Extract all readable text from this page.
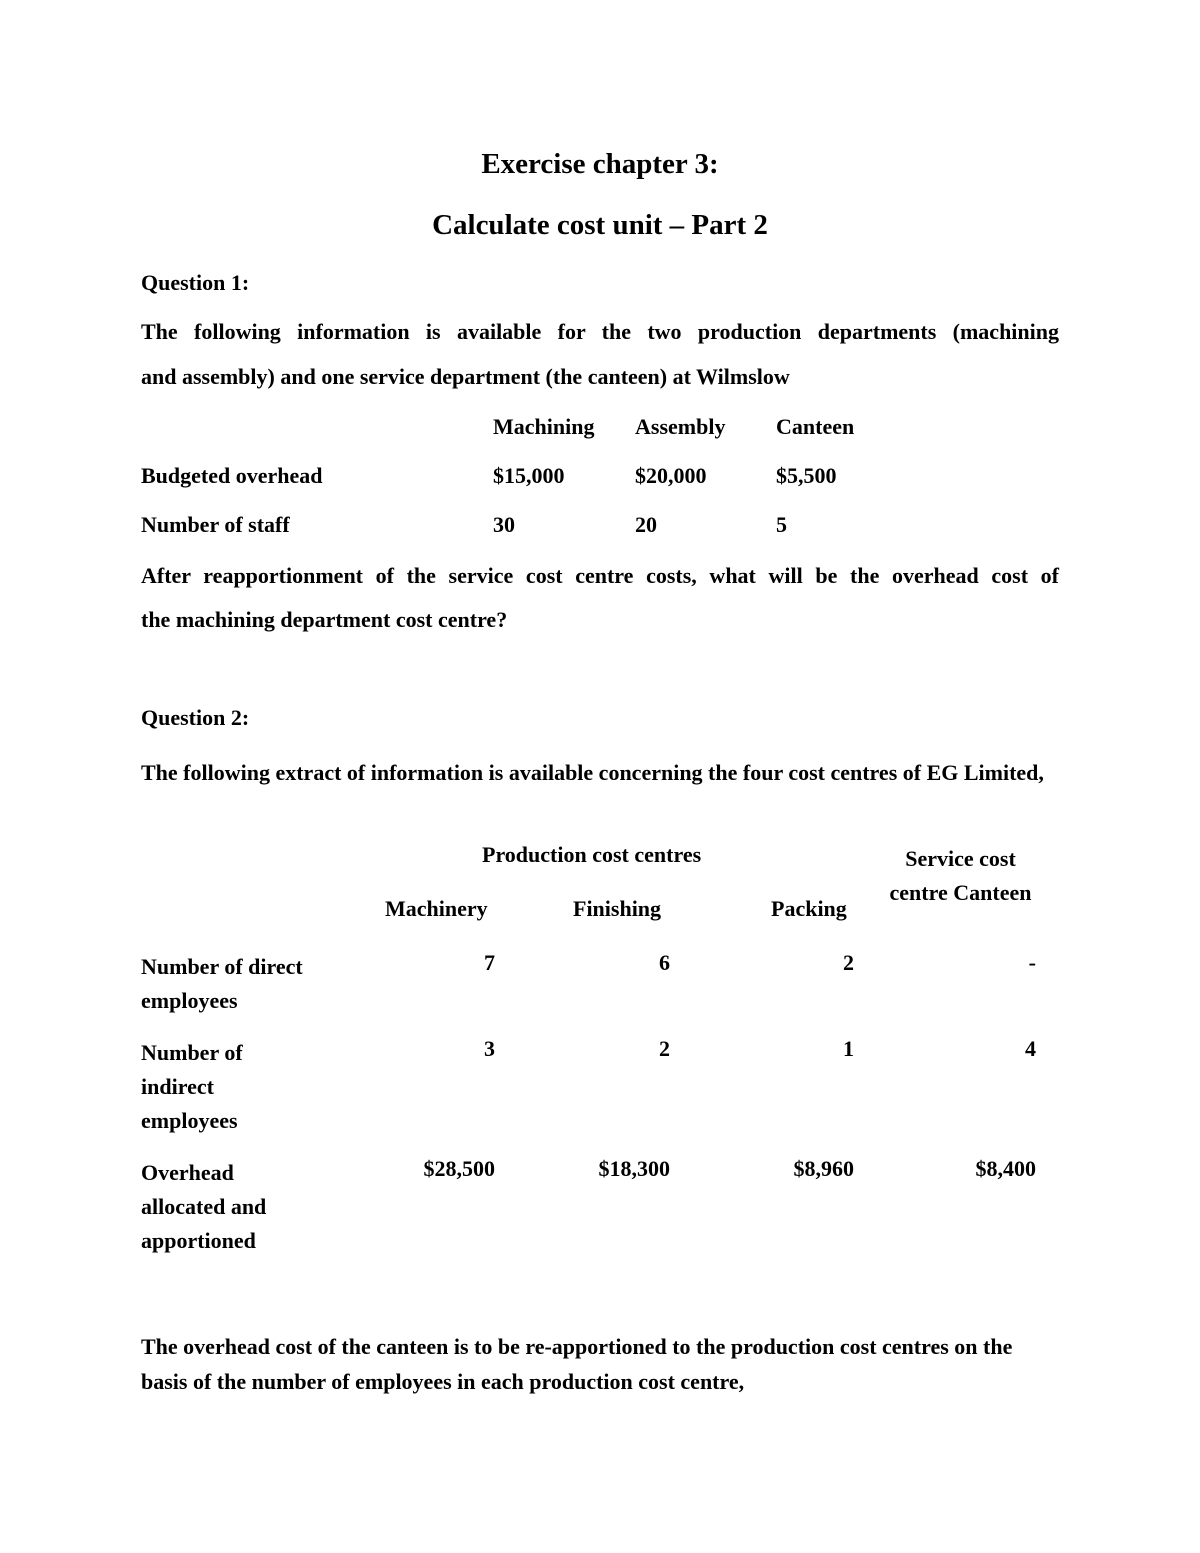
Exercise chapter 3:
Calculate cost unit – Part 2
Question 1:
The following information is available for the two production departments (machining
and assembly) and one service department (the canteen) at Wilmslow
Machining Assembly Canteen
Budgeted overhead	$15,000	$20,000	$5,500
Number of staff	30	20	5
After reapportionment of the service cost centre costs, what will be the overhead cost of
the machining department cost centre?
Question 2:
The following extract of information is available concerning the four cost centres of EG Limited,
Production cost centres	Service cost centre Canteen
Machinery	Finishing	Packing
Number of direct employees
7	6	2	-
Number of indirect employees
3	2	1	4
Overhead allocated and apportioned
$28,500	$18,300	$8,960	$8,400
The overhead cost of the canteen is to be re-apportioned to the production cost centres on the basis of the number of employees in each production cost centre,
